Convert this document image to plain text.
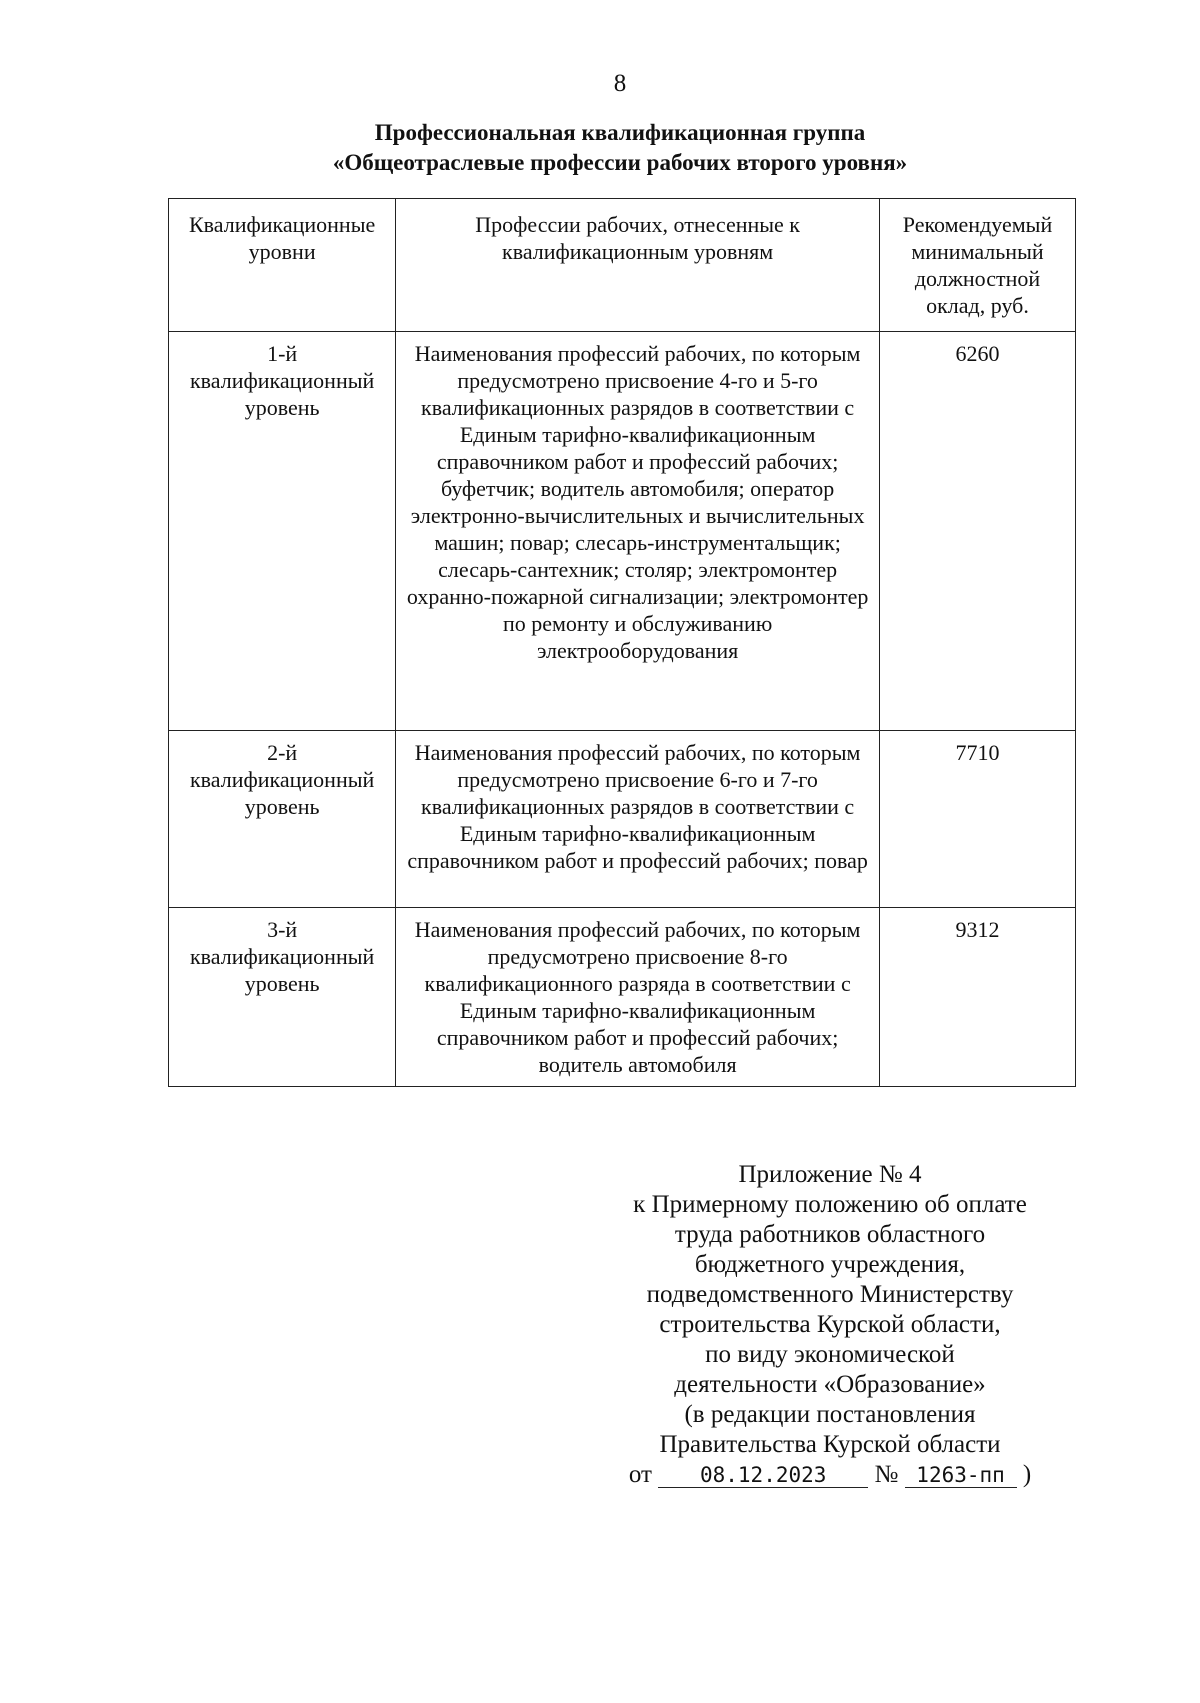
8
Профессиональная квалификационная группа
«Общеотраслевые профессии рабочих второго уровня»
Квалификационные уровни	Профессии рабочих, отнесенные к квалификационным уровням	Рекомендуемый минимальный должностной оклад, руб.
1-й квалификационный уровень	Наименования профессий рабочих, по которым предусмотрено присвоение 4-го и 5-го квалификационных разрядов в соответствии с Единым тарифно-квалификационным справочником работ и профессий рабочих; буфетчик; водитель автомобиля; оператор электронно-вычислительных и вычислительных машин; повар; слесарь-инструментальщик; слесарь-сантехник; столяр; электромонтер охранно-пожарной сигнализации; электромонтер по ремонту и обслуживанию электрооборудования	6260
2-й квалификационный уровень	Наименования профессий рабочих, по которым предусмотрено присвоение 6-го и 7-го квалификационных разрядов в соответствии с Единым тарифно-квалификационным справочником работ и профессий рабочих; повар	7710
3-й квалификационный уровень	Наименования профессий рабочих, по которым предусмотрено присвоение 8-го квалификационного разряда в соответствии с Единым тарифно-квалификационным справочником работ и профессий рабочих; водитель автомобиля	9312
Приложение № 4
к Примерному положению об оплате
труда работников областного
бюджетного учреждения,
подведомственного Министерству
строительства Курской области,
по виду экономической
деятельности «Образование»
(в редакции постановления
Правительства Курской области
от 08.12.2023 № 1263-пп )
